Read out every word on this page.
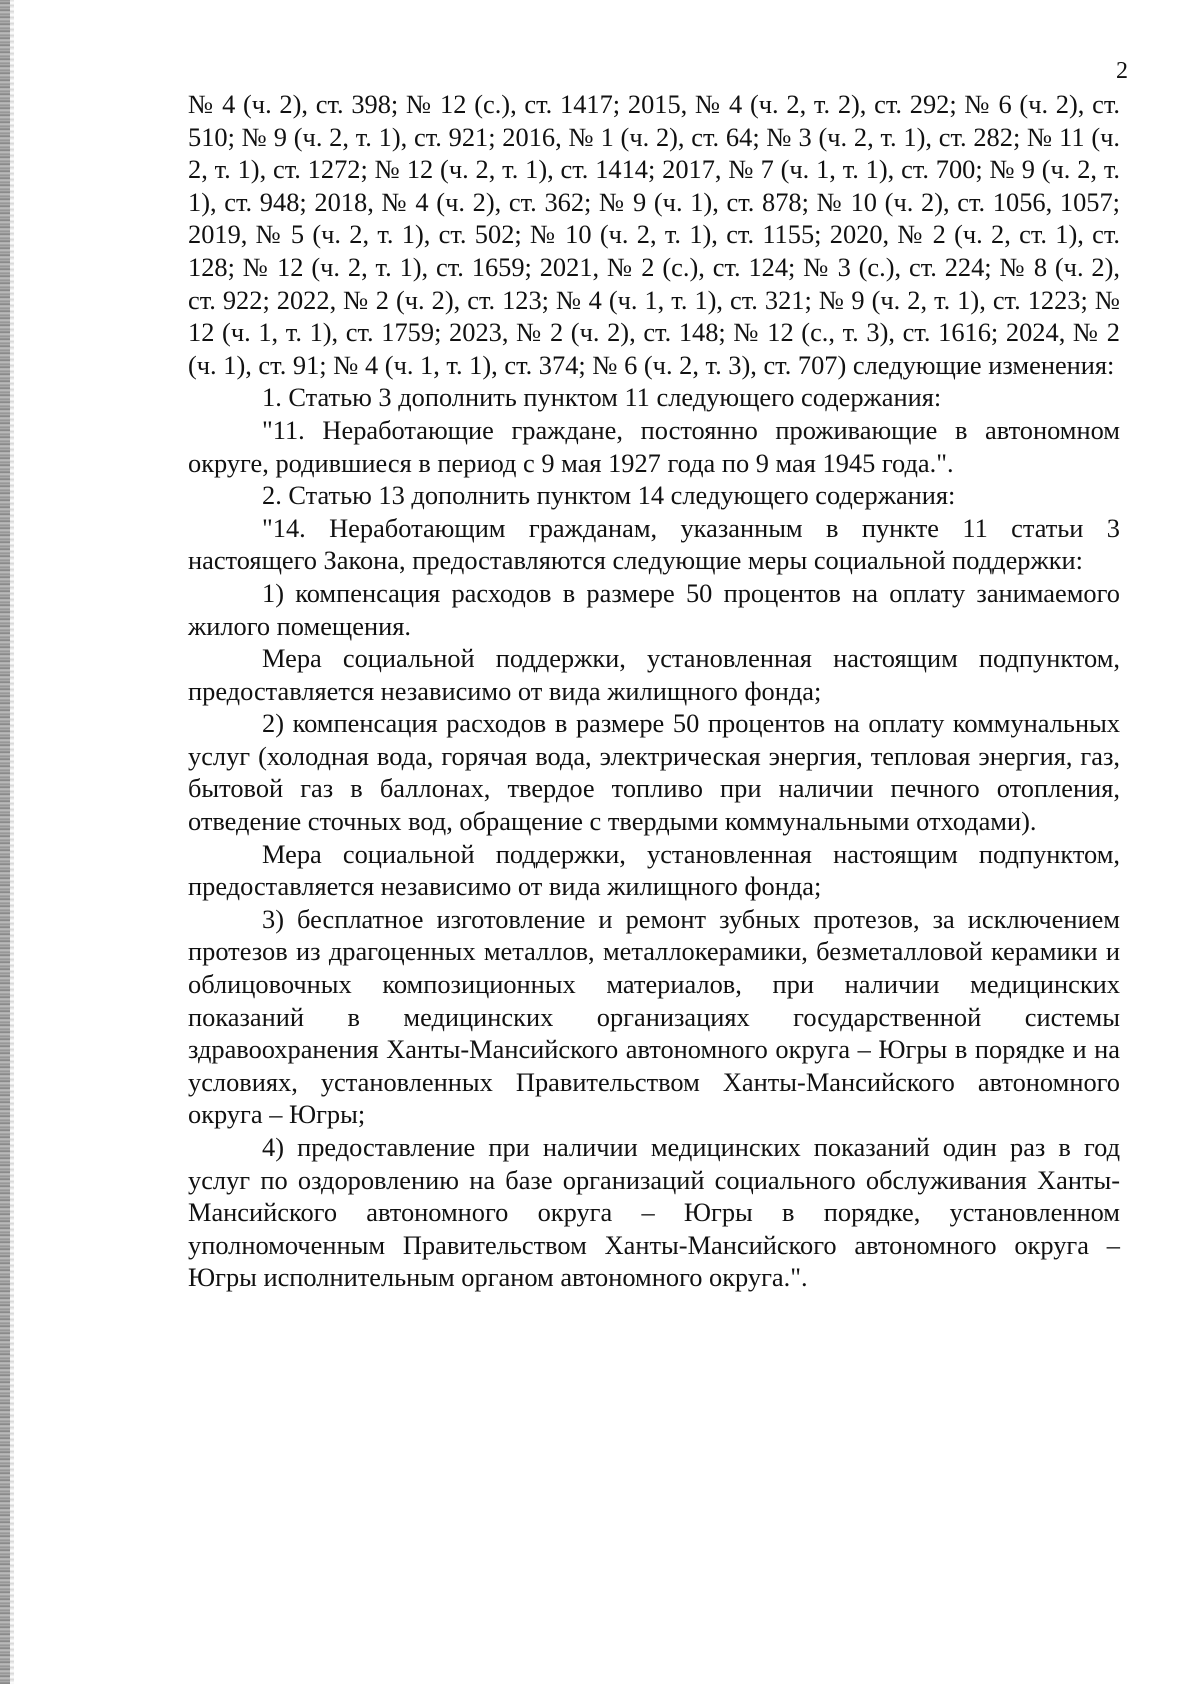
2

№ 4 (ч. 2), ст. 398; № 12 (с.), ст. 1417; 2015, № 4 (ч. 2, т. 2), ст. 292; № 6 (ч. 2), ст. 510; № 9 (ч. 2, т. 1), ст. 921; 2016, № 1 (ч. 2), ст. 64; № 3 (ч. 2, т. 1), ст. 282; № 11 (ч. 2, т. 1), ст. 1272; № 12 (ч. 2, т. 1), ст. 1414; 2017, № 7 (ч. 1, т. 1), ст. 700; № 9 (ч. 2, т. 1), ст. 948; 2018, № 4 (ч. 2), ст. 362; № 9 (ч. 1), ст. 878; № 10 (ч. 2), ст. 1056, 1057; 2019, № 5 (ч. 2, т. 1), ст. 502; № 10 (ч. 2, т. 1), ст. 1155; 2020, № 2 (ч. 2, ст. 1), ст. 128; № 12 (ч. 2, т. 1), ст. 1659; 2021, № 2 (с.), ст. 124; № 3 (с.), ст. 224; № 8 (ч. 2), ст. 922; 2022, № 2 (ч. 2), ст. 123; № 4 (ч. 1, т. 1), ст. 321; № 9 (ч. 2, т. 1), ст. 1223; № 12 (ч. 1, т. 1), ст. 1759; 2023, № 2 (ч. 2), ст. 148; № 12 (с., т. 3), ст. 1616; 2024, № 2 (ч. 1), ст. 91; № 4 (ч. 1, т. 1), ст. 374; № 6 (ч. 2, т. 3), ст. 707) следующие изменения:

1. Статью 3 дополнить пунктом 11 следующего содержания:

"11. Неработающие граждане, постоянно проживающие в автономном округе, родившиеся в период с 9 мая 1927 года по 9 мая 1945 года.".

2. Статью 13 дополнить пунктом 14 следующего содержания:

"14. Неработающим гражданам, указанным в пункте 11 статьи 3 настоящего Закона, предоставляются следующие меры социальной поддержки:

1) компенсация расходов в размере 50 процентов на оплату занимаемого жилого помещения.

Мера социальной поддержки, установленная настоящим подпунктом, предоставляется независимо от вида жилищного фонда;

2) компенсация расходов в размере 50 процентов на оплату коммунальных услуг (холодная вода, горячая вода, электрическая энергия, тепловая энергия, газ, бытовой газ в баллонах, твердое топливо при наличии печного отопления, отведение сточных вод, обращение с твердыми коммунальными отходами).

Мера социальной поддержки, установленная настоящим подпунктом, предоставляется независимо от вида жилищного фонда;

3) бесплатное изготовление и ремонт зубных протезов, за исключением протезов из драгоценных металлов, металлокерамики, безметалловой керамики и облицовочных композиционных материалов, при наличии медицинских показаний в медицинских организациях государственной системы здравоохранения Ханты-Мансийского автономного округа – Югры в порядке и на условиях, установленных Правительством Ханты-Мансийского автономного округа – Югры;

4) предоставление при наличии медицинских показаний один раз в год услуг по оздоровлению на базе организаций социального обслуживания Ханты-Мансийского автономного округа – Югры в порядке, установленном уполномоченным Правительством Ханты-Мансийского автономного округа – Югры исполнительным органом автономного округа.".
